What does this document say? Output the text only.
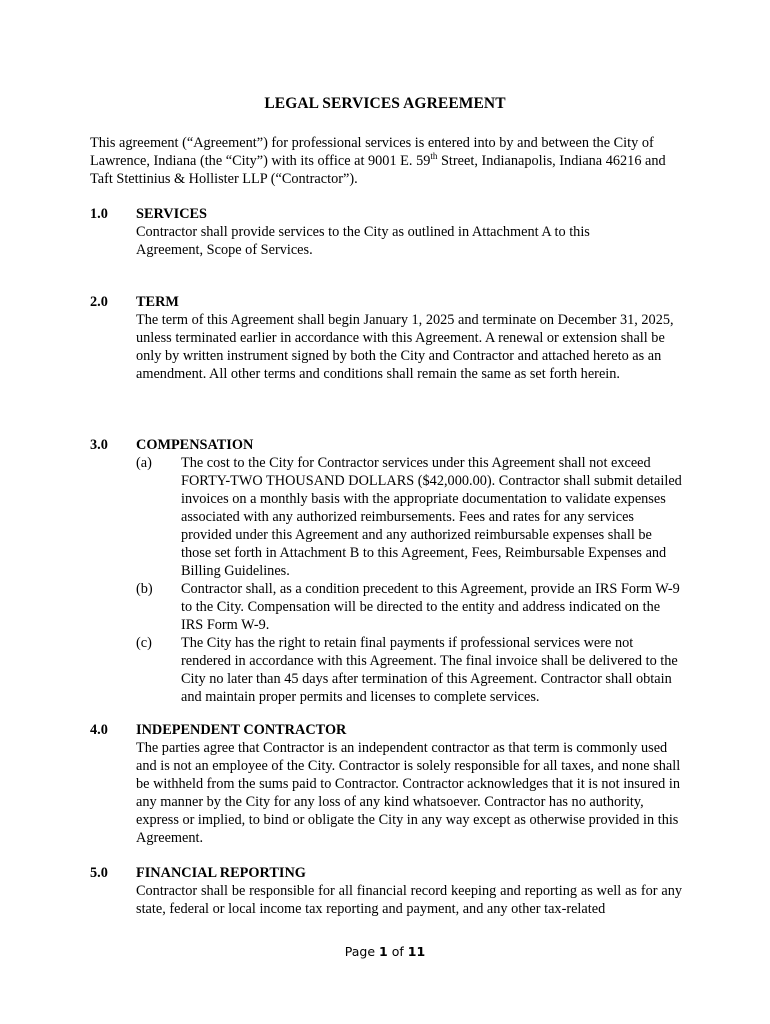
LEGAL SERVICES AGREEMENT
This agreement (“Agreement”) for professional services is entered into by and between the City of Lawrence, Indiana (the “City”) with its office at 9001 E. 59th Street, Indianapolis, Indiana 46216 and Taft Stettinius & Hollister LLP (“Contractor”).
1.0	SERVICES
Contractor shall provide services to the City as outlined in Attachment A to this Agreement, Scope of Services.
2.0	TERM
The term of this Agreement shall begin January 1, 2025 and terminate on December 31, 2025, unless terminated earlier in accordance with this Agreement. A renewal or extension shall be only by written instrument signed by both the City and Contractor and attached hereto as an amendment. All other terms and conditions shall remain the same as set forth herein.
3.0	COMPENSATION
(a) The cost to the City for Contractor services under this Agreement shall not exceed FORTY-TWO THOUSAND DOLLARS ($42,000.00). Contractor shall submit detailed invoices on a monthly basis with the appropriate documentation to validate expenses associated with any authorized reimbursements. Fees and rates for any services provided under this Agreement and any authorized reimbursable expenses shall be those set forth in Attachment B to this Agreement, Fees, Reimbursable Expenses and Billing Guidelines.
(b) Contractor shall, as a condition precedent to this Agreement, provide an IRS Form W-9 to the City. Compensation will be directed to the entity and address indicated on the IRS Form W-9.
(c) The City has the right to retain final payments if professional services were not rendered in accordance with this Agreement. The final invoice shall be delivered to the City no later than 45 days after termination of this Agreement. Contractor shall obtain and maintain proper permits and licenses to complete services.
4.0	INDEPENDENT CONTRACTOR
The parties agree that Contractor is an independent contractor as that term is commonly used and is not an employee of the City. Contractor is solely responsible for all taxes, and none shall be withheld from the sums paid to Contractor. Contractor acknowledges that it is not insured in any manner by the City for any loss of any kind whatsoever. Contractor has no authority, express or implied, to bind or obligate the City in any way except as otherwise provided in this Agreement.
5.0	FINANCIAL REPORTING
Contractor shall be responsible for all financial record keeping and reporting as well as for any state, federal or local income tax reporting and payment, and any other tax-related
Page 1 of 11
